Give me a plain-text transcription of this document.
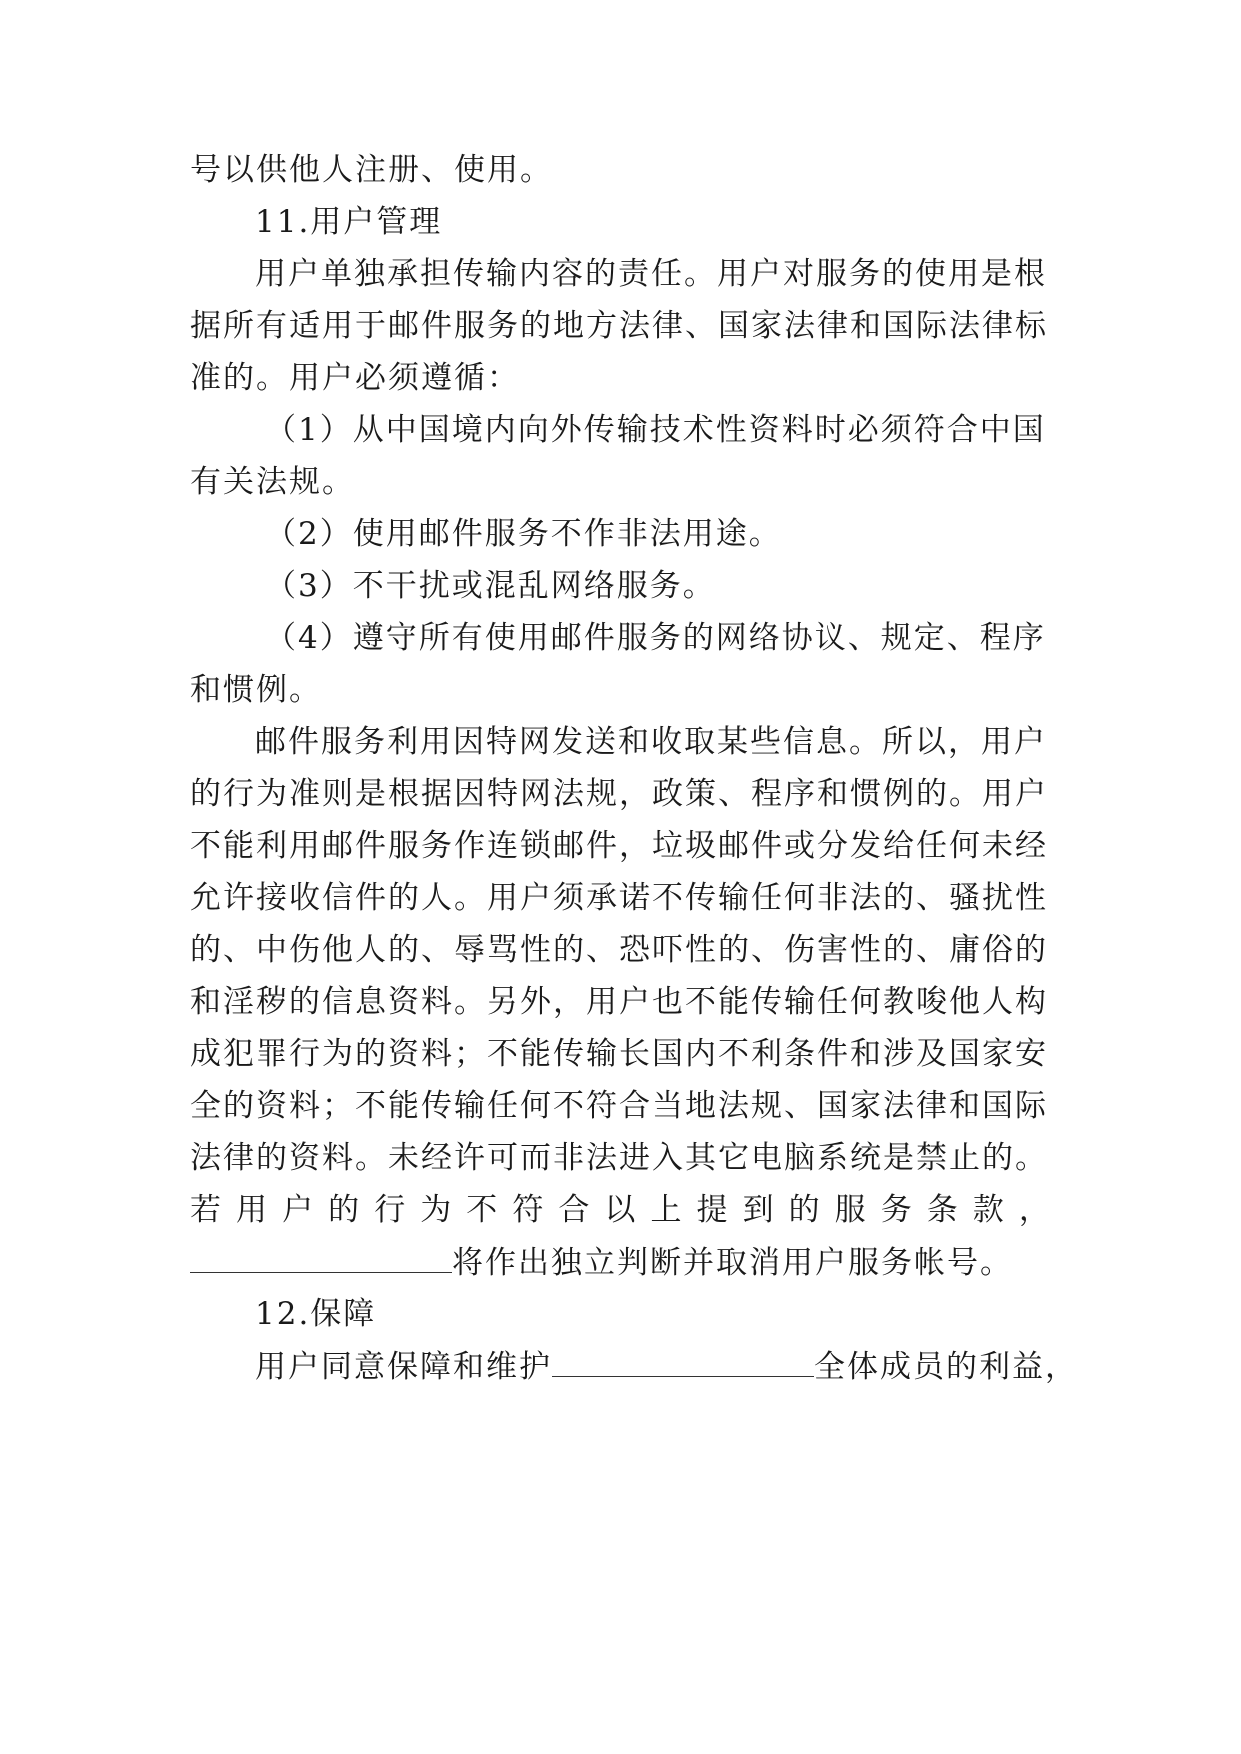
号以供他人注册、使用。
11.用户管理
用户单独承担传输内容的责任。用户对服务的使用是根
据所有适用于邮件服务的地方法律、国家法律和国际法律标
准的。用户必须遵循：
（1）从中国境内向外传输技术性资料时必须符合中国
有关法规。
（2）使用邮件服务不作非法用途。
（3）不干扰或混乱网络服务。
（4）遵守所有使用邮件服务的网络协议、规定、程序
和惯例。
邮件服务利用因特网发送和收取某些信息。所以，用户
的行为准则是根据因特网法规，政策、程序和惯例的。用户
不能利用邮件服务作连锁邮件，垃圾邮件或分发给任何未经
允许接收信件的人。用户须承诺不传输任何非法的、骚扰性
的、中伤他人的、辱骂性的、恐吓性的、伤害性的、庸俗的
和淫秽的信息资料。另外，用户也不能传输任何教唆他人构
成犯罪行为的资料；不能传输长国内不利条件和涉及国家安
全的资料；不能传输任何不符合当地法规、国家法律和国际
法律的资料。未经许可而非法进入其它电脑系统是禁止的。
若 用 户 的 行 为 不 符 合 以 上 提 到 的 服 务 条 款 ，
将作出独立判断并取消用户服务帐号。
12.保障
用户同意保障和维护	全体成员的利益，
